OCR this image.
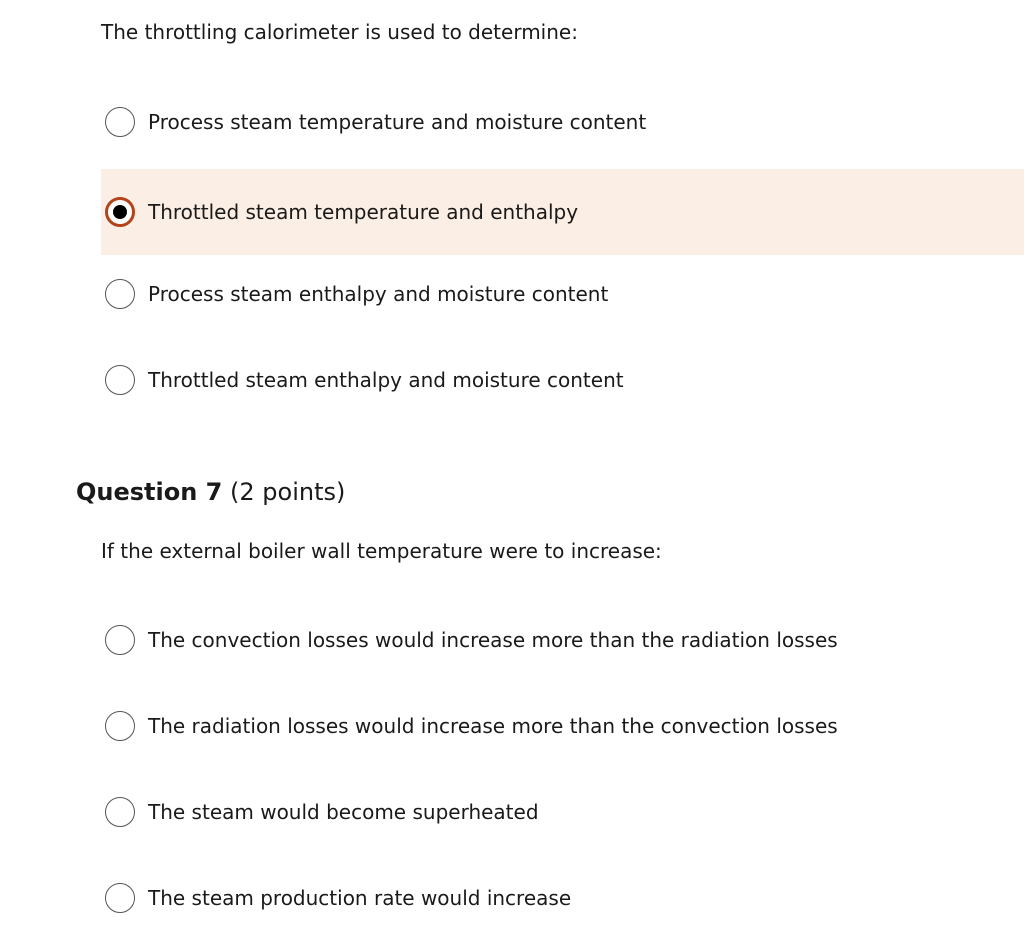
The throttling calorimeter is used to determine:
Process steam temperature and moisture content
Throttled steam temperature and enthalpy
Process steam enthalpy and moisture content
Throttled steam enthalpy and moisture content
Question 7 (2 points)
If the external boiler wall temperature were to increase:
The convection losses would increase more than the radiation losses
The radiation losses would increase more than the convection losses
The steam would become superheated
The steam production rate would increase
